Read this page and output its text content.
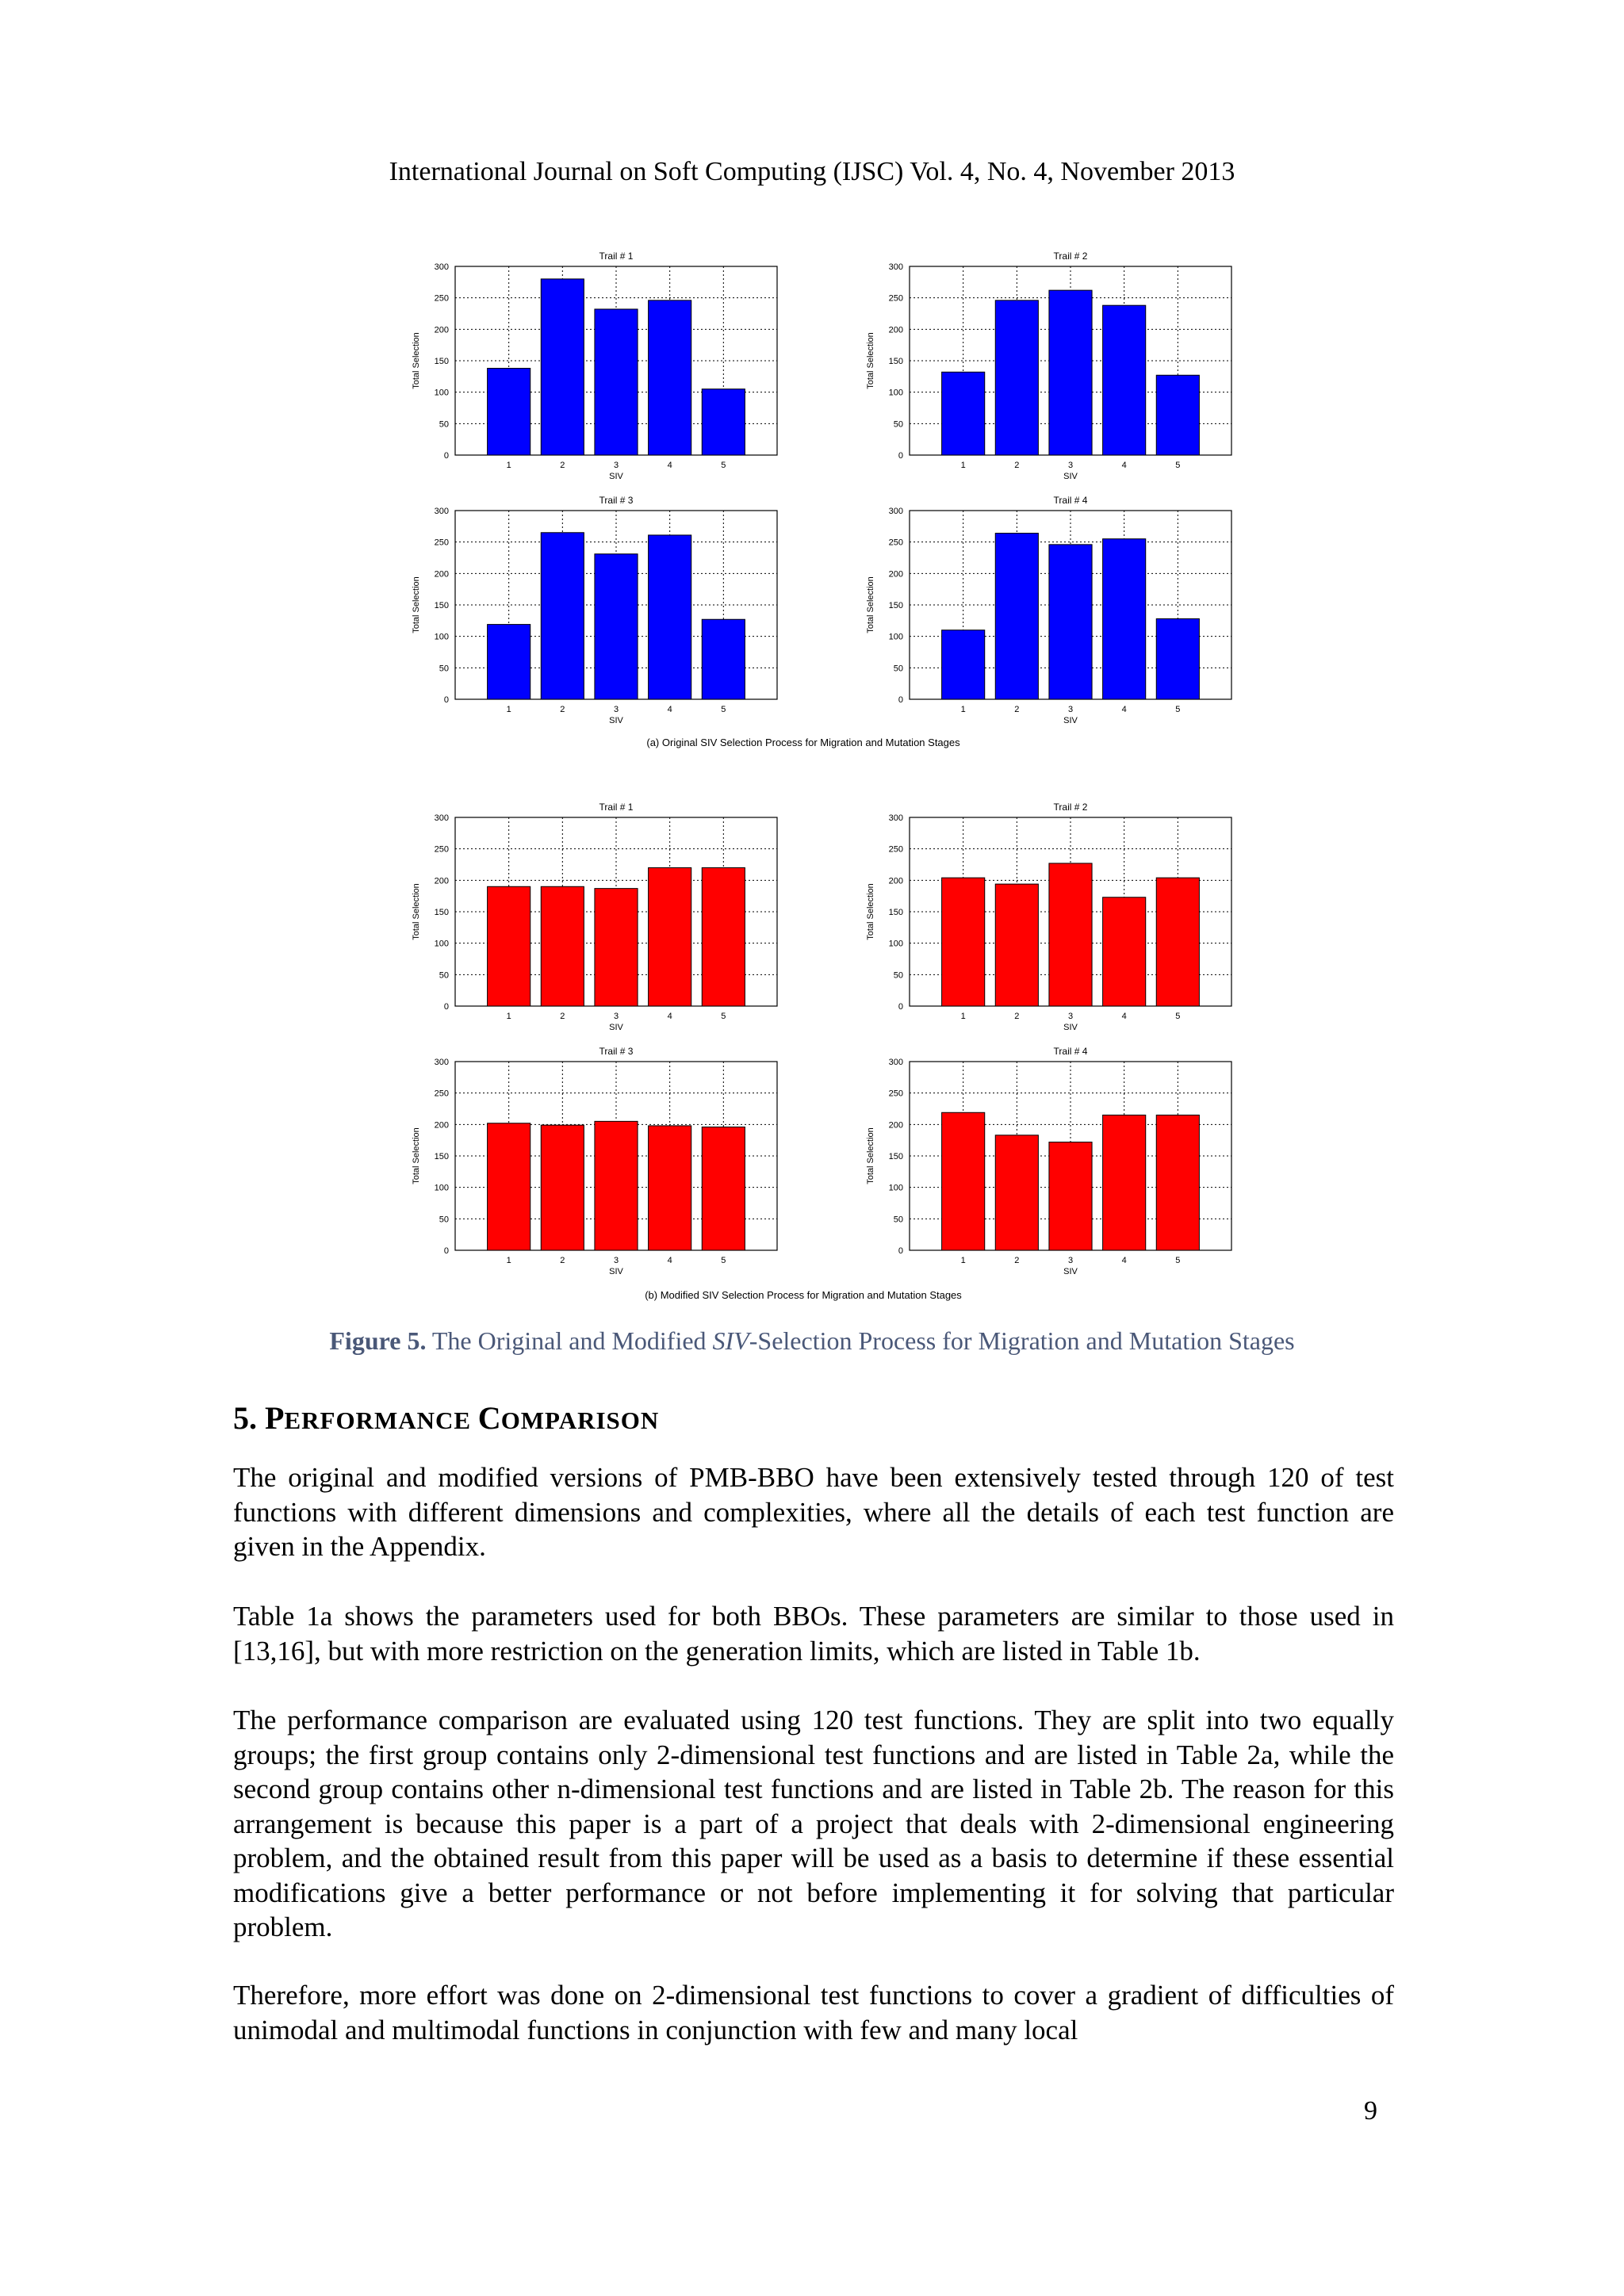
International Journal on Soft Computing (IJSC) Vol. 4, No. 4, November 2013
0
50
100
150
200
250
300
1	2	3	4	5
Trail # 1
SIV
Total Selection
0
50
100
150
200
250
300
1	2	3	4	5
Trail # 2
SIV
Total Selection
0
50
100
150
200
250
300
1	2	3	4	5
Trail # 3
SIV
Total Selection
0
50
100
150
200
250
300
1	2	3	4	5
Trail # 4
SIV
Total Selection
0
50
100
150
200
250
300
1	2	3	4	5
Trail # 1
SIV
Total Selection
0
50
100
150
200
250
300
1	2	3	4	5
Trail # 2
SIV
Total Selection
0
50
100
150
200
250
300
1	2	3	4	5
Trail # 3
SIV
Total Selection
0
50
100
150
200
250
300
1	2	3	4	5
Trail # 4
SIV
Total Selection
(a) Original SIV Selection Process for Migration and Mutation Stages
(b) Modified SIV Selection Process for Migration and Mutation Stages
Figure 5. The Original and Modified SIV-Selection Process for Migration and Mutation Stages
5. PERFORMANCE COMPARISON

The original and modified versions of PMB-BBO have been extensively tested through 120 of test functions with different dimensions and complexities, where all the details of each test function are given in the Appendix.

Table 1a shows the parameters used for both BBOs. These parameters are similar to those used in [13,16], but with more restriction on the generation limits, which are listed in Table 1b.

The performance comparison are evaluated using 120 test functions. They are split into two equally groups; the first group contains only 2-dimensional test functions and are listed in Table 2a, while the second group contains other n-dimensional test functions and are listed in Table 2b. The reason for this arrangement is because this paper is a part of a project that deals with 2-dimensional engineering problem, and the obtained result from this paper will be used as a basis to determine if these essential modifications give a better performance or not before implementing it for solving that particular problem.

Therefore, more effort was done on 2-dimensional test functions to cover a gradient of difficulties of unimodal and multimodal functions in conjunction with few and many local

9
